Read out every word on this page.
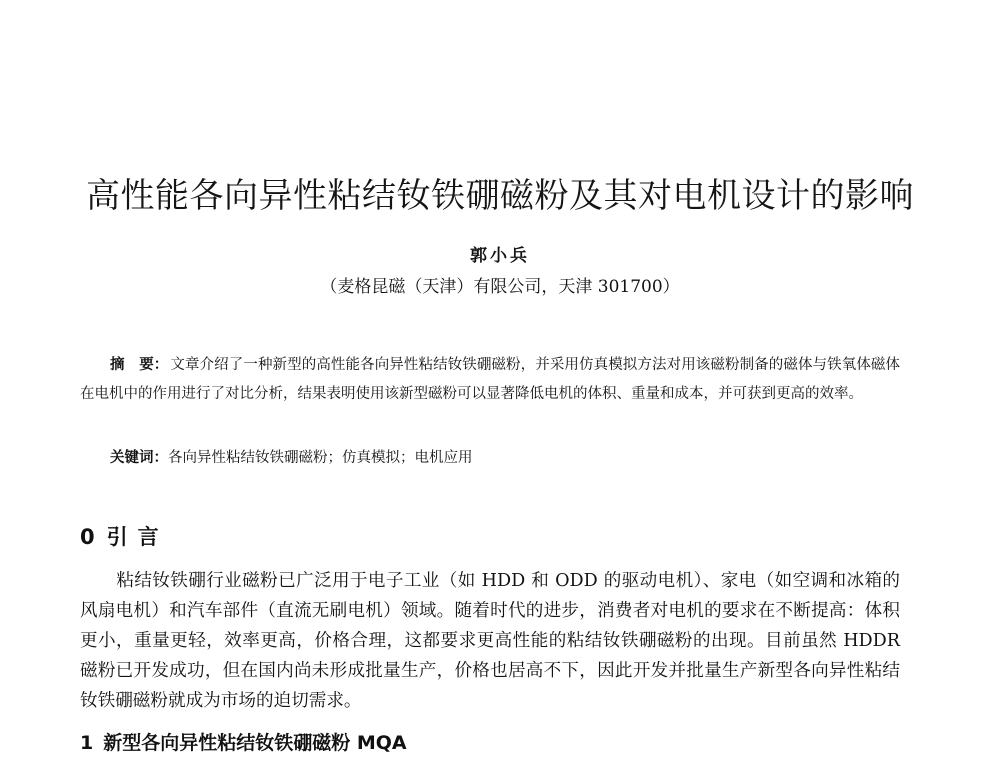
高性能各向异性粘结钕铁硼磁粉及其对电机设计的影响
郭小兵
（麦格昆磁（天津）有限公司，天津 301700）
摘　要： 文章介绍了一种新型的高性能各向异性粘结钕铁硼磁粉，并采用仿真模拟方法对用该磁粉制备的磁体与铁氧体磁体在电机中的作用进行了对比分析，结果表明使用该新型磁粉可以显著降低电机的体积、重量和成本，并可获到更高的效率。
关键词：各向异性粘结钕铁硼磁粉；仿真模拟；电机应用
0 引言
粘结钕铁硼行业磁粉已广泛用于电子工业（如 HDD 和 ODD 的驱动电机）、家电（如空调和冰箱的风扇电机）和汽车部件（直流无刷电机）领域。随着时代的进步，消费者对电机的要求在不断提高：体积更小，重量更轻，效率更高，价格合理，这都要求更高性能的粘结钕铁硼磁粉的出现。目前虽然 HDDR 磁粉已开发成功，但在国内尚未形成批量生产，价格也居高不下，因此开发并批量生产新型各向异性粘结钕铁硼磁粉就成为市场的迫切需求。
1 新型各向异性粘结钕铁硼磁粉 MQA
